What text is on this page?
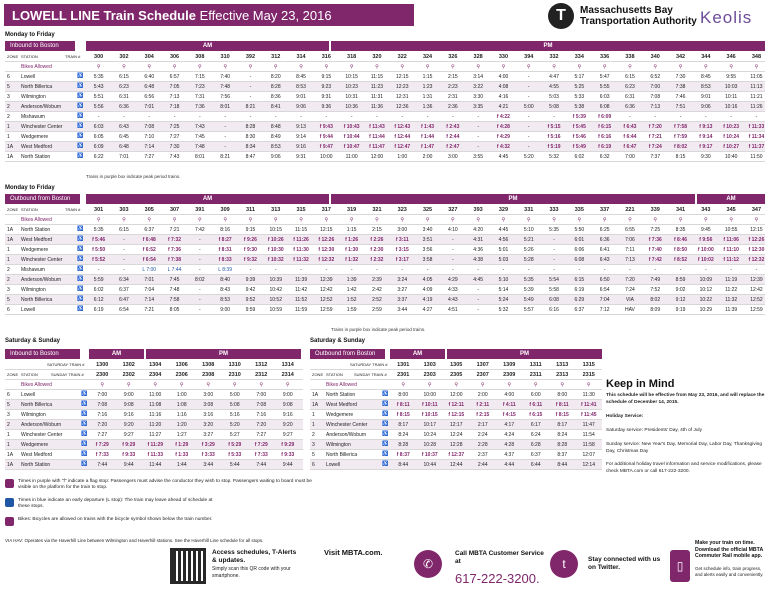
LOWELL LINE Train Schedule Effective May 23, 2016	T	Massachusetts Bay
Transportation Authority Keolis
Monday to Friday
Inbound to Boston	AM	PM
300	302	304	306	308	310	392	312	314	316	318	320	322	324	326	328	330	394	332	334	336	338	340	342	344	346	348
ZONE STATION	TRAIN #
Bikes Allowed	⚲	⚲	⚲	⚲	⚲	⚲	⚲	⚲	⚲	⚲	⚲	⚲	⚲	⚲	⚲	⚲	⚲	⚲	⚲	⚲	⚲	⚲	⚲	⚲	⚲	⚲	⚲
6 Lowell	♿	5:35	6:15	6:40	6:57	7:15	7:40	-	8:20	8:45	9:15	10:15	11:15	12:15	1:15	2:15	3:14	4:00	-	4:47	5:17	5:47	6:15	6:52	7:30	8:45	9:55	11:05
5 North Billerica	♿	5:43	6:23	6:48	7:05	7:23	7:48	-	8:28	8:53	9:23	10:23	11:23	12:23	1:23	2:23	3:22	4:08	-	4:55	5:25	5:55	6:23	7:00	7:38	8:53	10:03	11:13
3 Wilmington	♿	5:51	6:31	6:56	7:13	7:31	7:56	-	8:36	9:01	9:31	10:31	11:31	12:31	1:31	2:31	3:30	4:16	-	5:03	5:33	6:03	6:31	7:08	7:46	9:01	10:11	11:21
2 Anderson/Woburn	♿	5:56	6:36	7:01	7:18	7:36	8:01	8:21	8:41	9:06	9:36	10:36	11:36	12:36	1:36	2:36	3:35	4:21	5:00	5:08	5:38	6:08	6:36	7:13	7:51	9:06	10:16	11:26
2 Mishawum	♿	-	-	-	-	-	-	-	-	-	-	-	-	-	-	-	-	f 4:22	-	-	f 5:39	f 6:09	-	-	-	-	-	-
1 Winchester Center	♿	6:03	6:43	7:08	7:25	7:43	-	8:28	8:48	9:13	f 9:43	f 10:43	f 11:43	f 12:43	f 1:43	f 2:43	-	f 4:28	-	f 5:15	f 5:45	f 6:15	f 6:43	f 7:20	f 7:58	f 9:13	f 10:23	f 11:33
1 Wedgemere	♿	6:05	6:45	7:10	7:27	7:45	-	8:30	8:49	9:14	f 9:44	f 10:44	f 11:44	f 12:44	f 1:44	f 2:44	-	f 4:29	-	f 5:16	f 5:46	f 6:16	f 6:44	f 7:21	f 7:59	f 9:14	f 10:24	f 11:34
1A West Medford	♿	6:09	6:48	7:14	7:30	7:48	-	8:34	8:53	9:16	f 9:47	f 10:47	f 11:47	f 12:47	f 1:47	f 2:47	-	f 4:32	-	f 5:19	f 5:49	f 6:19	f 6:47	f 7:24	f 8:02	f 9:17	f 10:27	f 11:37
1A North Station	♿	6:22	7:01	7:27	7:43	8:01	8:21	8:47	9:06	9:31	10:00	11:00	12:00	1:00	2:00	3:00	3:55	4:45	5:20	5:32	6:02	6:32	7:00	7:37	8:15	9:30	10:40	11:50
Trains in purple box indicate peak period trains.
Monday to Friday
Outbound from Boston	AM	PM	AM
301	303	305	307	391	309	311	313	315	317	319	321	323	325	327	393	329	331	333	335	337	221	339	341	343	345	347
ZONE STATION	TRAIN #
Bikes Allowed	⚲	⚲	⚲	⚲	⚲	⚲	⚲	⚲	⚲	⚲	⚲	⚲	⚲	⚲	⚲	⚲	⚲	⚲	⚲	⚲	⚲	⚲	⚲	⚲	⚲	⚲	⚲
1A North Station	♿	5:35	6:15	6:37	7:21	7:42	8:16	9:15	10:15	11:15	12:15	1:15	2:15	3:00	3:40	4:10	4:20	4:45	5:10	5:35	5:50	6:25	6:55	7:25	8:35	9:45	10:55	12:15
1A West Medford	♿	f 5:46	-	f 6:48	f 7:32	-	f 8:27	f 9:26	f 10:26	f 11:26	f 12:26	f 1:26	f 2:26	f 3:11	3:51	-	4:31	4:56	5:21	-	6:01	6:36	7:06	f 7:36	f 8:46	f 9:56	f 11:06	f 12:26
1 Wedgemere	♿	f 5:50	-	f 6:52	f 7:36	-	f 8:31	f 9:30	f 10:30	f 11:30	f 12:30	f 1:30	f 2:30	f 3:15	3:56	-	4:36	5:01	5:26	-	6:06	6:41	7:11	f 7:40	f 8:50	f 10:00	f 11:10	f 12:30
1 Winchester Center	♿	f 5:52	-	f 6:54	f 7:38	-	f 8:33	f 9:32	f 10:32	f 11:32	f 12:32	f 1:32	f 2:32	f 3:17	3:58	-	4:38	5:03	5:28	-	6:08	6:43	7:13	f 7:42	f 8:52	f 10:02	f 11:12	f 12:32
2 Mishawum	♿	-	-	L 7:00	L 7:44	-	L 8:39	-	-	-	-	-	-	-	-	-	-	-	-	-	-	-	-	-	-	-	-	-
2 Anderson/Woburn	♿	5:59	6:34	7:01	7:45	8:02	8:40	9:39	10:39	11:39	12:39	1:39	2:39	3:24	4:05	4:29	4:45	5:10	5:35	5:54	6:15	6:50	7:20	7:49	8:59	10:09	11:19	12:39
3 Wilmington	♿	6:02	6:37	7:04	7:48	-	8:43	9:42	10:42	11:42	12:42	1:42	2:42	3:27	4:09	4:33	-	5:14	5:39	5:58	6:19	6:54	7:24	7:52	9:02	10:12	11:22	12:42
5 North Billerica	♿	6:12	6:47	7:14	7:58	-	8:53	9:52	10:52	11:52	12:52	1:52	2:52	3:37	4:19	4:43	-	5:24	5:49	6:08	6:29	7:04	VIA	8:02	9:12	10:22	11:32	12:52
6 Lowell	♿	6:19	6:54	7:21	8:05	-	9:00	9:59	10:59	11:59	12:59	1:59	2:59	3:44	4:27	4:51	-	5:32	5:57	6:16	6:37	7:12	HAV	8:09	9:19	10:29	11:39	12:59
Trains in purple box indicate peak period trains.
Saturday & Sunday	Saturday & Sunday
Inbound to Boston	AM	PM
1300	1302	1304	1306	1308	1310	1312	1314
SATURDAY TRAIN #
2300	2302	2304	2306	2308	2310	2312	2314
ZONE STATION	SUNDAY TRAIN #
Bikes Allowed	⚲	⚲	⚲	⚲	⚲	⚲	⚲	⚲
6 Lowell	♿	7:00	9:00	11:00	1:00	3:00	5:00	7:00	9:00
5 North Billerica	♿	7:08	9:08	11:08	1:08	3:08	5:08	7:08	9:08
3 Wilmington	♿	7:16	9:16	11:16	1:16	3:16	5:16	7:16	9:16
2 Anderson/Woburn	♿	7:20	9:20	11:20	1:20	3:20	5:20	7:20	9:20
1 Winchester Center	♿	7:27	9:27	11:27	1:27	3:27	5:27	7:27	9:27
1 Wedgemere	♿	f 7:29	f 9:29	f 11:29	f 1:29	f 3:29	f 5:29	f 7:29	f 9:29
1A West Medford	♿	f 7:33	f 9:33	f 11:33	f 1:33	f 3:33	f 5:33	f 7:33	f 9:33
1A North Station	♿	7:44	9:44	11:44	1:44	3:44	5:44	7:44	9:44
Outbound from Boston	AM	PM
1301	1303	1305	1307	1309	1311	1313	1315
SATURDAY TRAIN #
2301	2303	2305	2307	2309	2311	2313	2315
ZONE STATION	SUNDAY TRAIN #
Bikes Allowed	⚲	⚲	⚲	⚲	⚲	⚲	⚲	⚲
1A North Station	♿	8:00	10:00	12:00	2:00	4:00	6:00	8:00	11:30
1A West Medford	♿	f 8:11	f 10:11	f 12:11	f 2:11	f 4:11	f 6:11	f 8:11	f 11:41
1 Wedgemere	♿	f 8:15	f 10:15	f 12:15	f 2:15	f 4:15	f 6:15	f 8:15	f 11:45
1 Winchester Center	♿	8:17	10:17	12:17	2:17	4:17	6:17	8:17	11:47
2 Anderson/Woburn	♿	8:24	10:24	12:24	2:24	4:24	6:24	8:24	11:54
3 Wilmington	♿	8:28	10:28	12:28	2:28	4:28	6:28	8:28	11:58
5 North Billerica	♿	f 8:37	f 10:37	f 12:37	2:37	4:37	6:37	8:37	12:07
6 Lowell	♿	8:44	10:44	12:44	2:44	4:44	6:44	8:44	12:14
Keep in Mind
This schedule will be effective from May 23, 2016, and will replace the schedule of December 14, 2015.
Holiday Service:
Saturday service: Presidents' Day, 4th of July
Sunday service: New Year's Day, Memorial Day, Labor Day, Thanksgiving Day, Christmas Day
For additional holiday travel information and service modifications, please check MBTA.com or call 617-222-3200.
Times in purple with "f" indicate a flag stop: Passengers must advise the conductor they wish to stop. Passengers waiting to board must be visible on the platform for the train to stop.
Times in blue indicate an early departure (L stop): The train may leave ahead of schedule at these stops.
Bikes: Bicycles are allowed on trains with the bicycle symbol shown below the train number.
VIA HAV: Operates via the Haverhill Line between Wilmington and Haverhill stations. See the Haverhill Line schedule for all stops.
Access schedules, T-Alerts & updates.
Simply scan this QR code with your smartphone.
Visit MBTA.com.
✆
Call MBTA Customer Service at
617-222-3200.
t	Stay connected with us on Twitter.	▯
Make your train on time. Download the official MBTA Commuter Rail mobile app.
Get schedule info, train progress, and alerts easily and conveniently.
